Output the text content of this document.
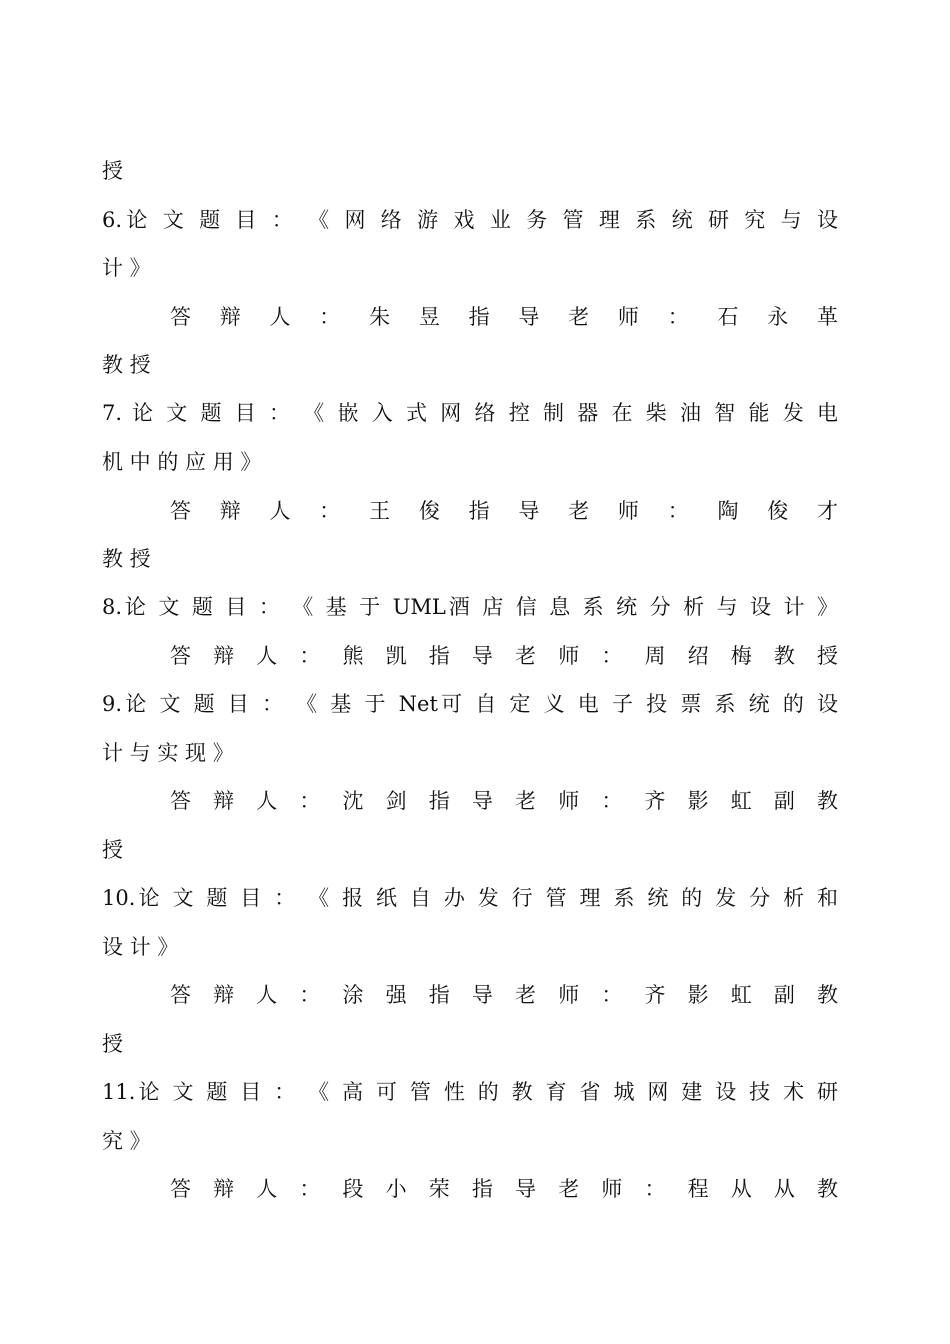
授
6.论 文 题 目 ： 《 网 络 游 戏 业 务 管 理 系 统 研 究 与 设
计 》
答 辩 人 ： 朱 昱 指 导 老 师 ： 石 永 革
教 授
7. 论 文 题 目 ： 《 嵌 入 式 网 络 控 制 器 在 柴 油 智 能 发 电
机 中 的 应 用 》
答 辩 人 ： 王 俊 指 导 老 师 ： 陶 俊 才
教 授
8.论 文 题 目 ： 《 基 于 UML酒 店 信 息 系 统 分 析 与 设 计 》
答 辩 人 ： 熊 凯 指 导 老 师 ： 周 绍 梅 教 授
9.论 文 题 目 ： 《 基 于 Net可 自 定 义 电 子 投 票 系 统 的 设
计 与 实 现 》
答 辩 人 ： 沈 剑 指 导 老 师 ： 齐 影 虹 副 教
授
10.论 文 题 目 ： 《 报 纸 自 办 发 行 管 理 系 统 的 发 分 析 和
设 计 》
答 辩 人 ： 涂 强 指 导 老 师 ： 齐 影 虹 副 教
授
11.论 文 题 目 ： 《 高 可 管 性 的 教 育 省 城 网 建 设 技 术 研
究 》
答 辩 人 ： 段 小 荣 指 导 老 师 ： 程 从 从 教
